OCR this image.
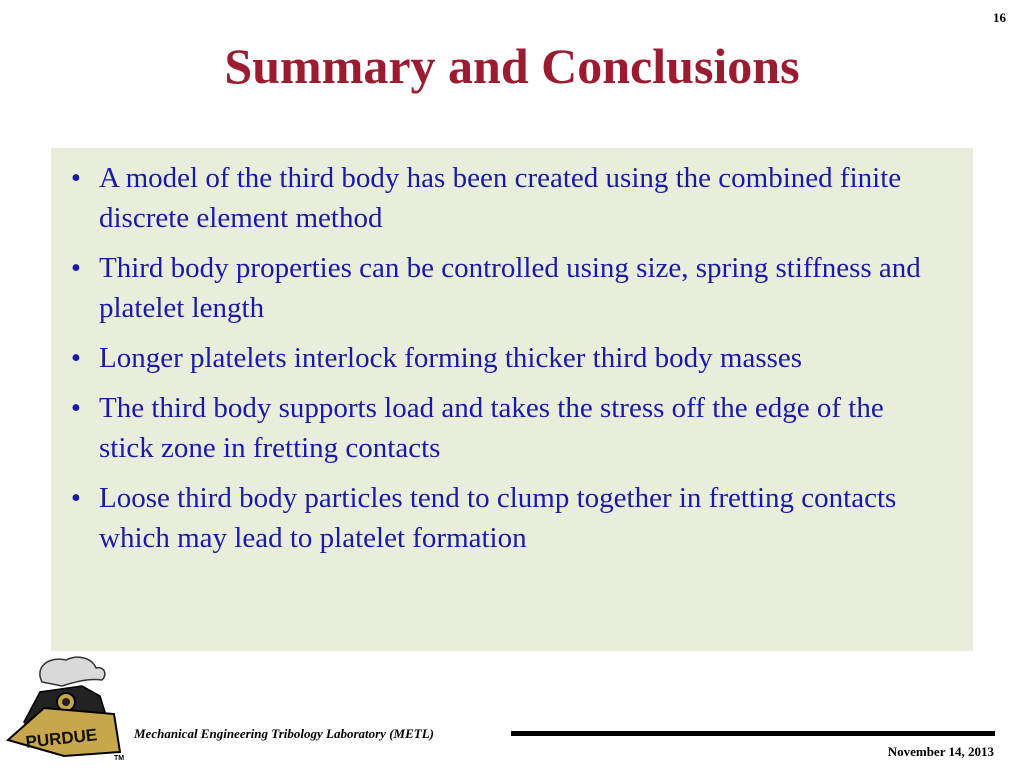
16
Summary and Conclusions
• A model of the third body has been created using the combined finite discrete element method
• Third body properties can be controlled using size, spring stiffness and platelet length
• Longer platelets interlock forming thicker third body masses
• The third body supports load and takes the stress off the edge of the stick zone in fretting contacts
• Loose third body particles tend to clump together in fretting contacts which may lead to platelet formation
PURDUE
TM
Mechanical Engineering Tribology Laboratory (METL)
November 14, 2013
